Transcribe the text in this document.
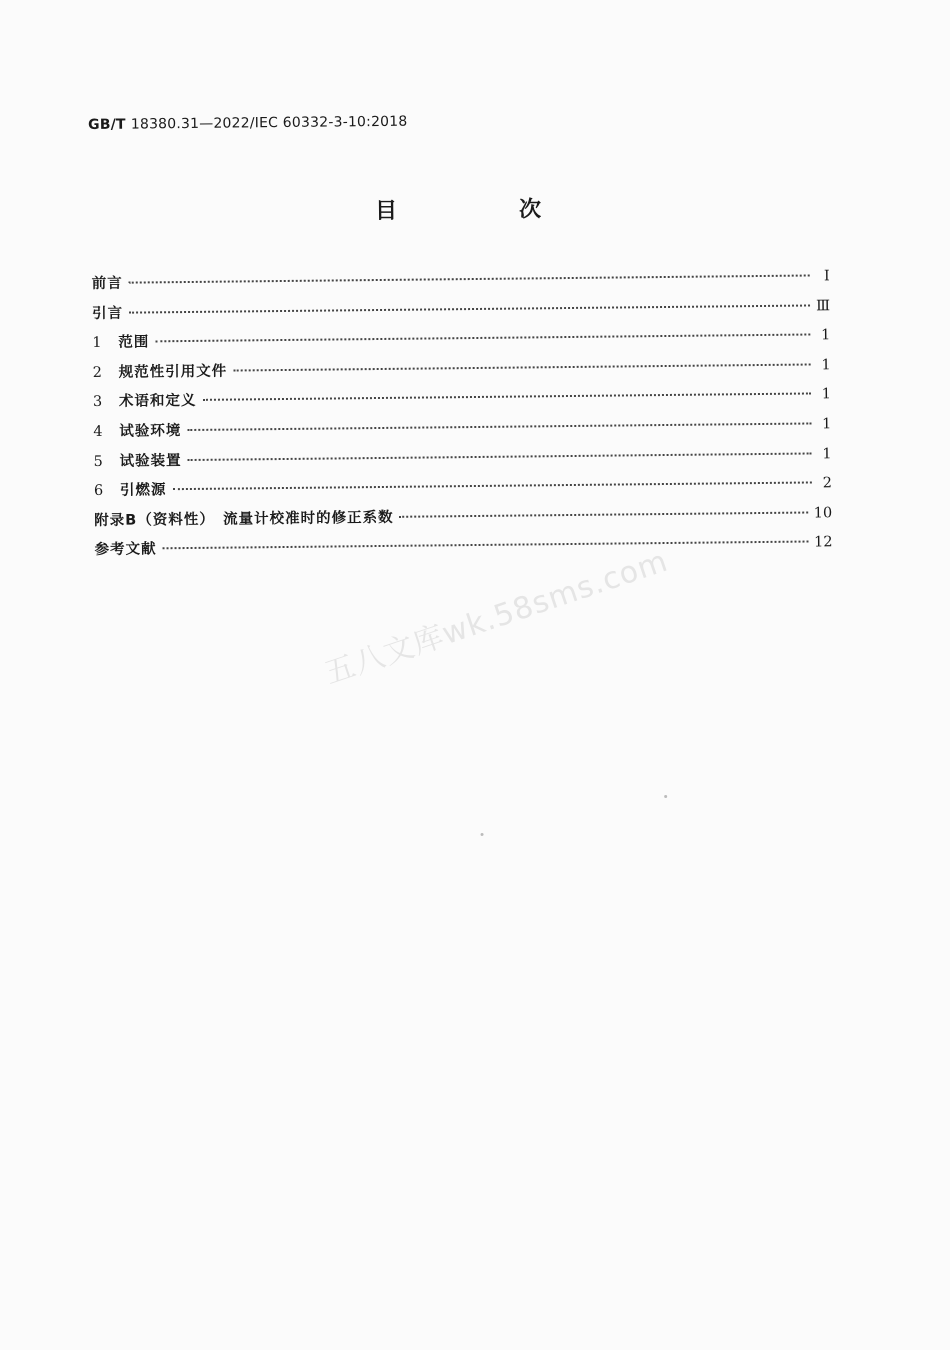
GB/T 18380.31—2022/IEC 60332-3-10:2018
目　次
前言	Ⅰ
引言	Ⅲ
1	范围	1
2	规范性引用文件	1
3	术语和定义	1
4	试验环境	1
5	试验装置	1
6	引燃源	2
附录B（资料性）　流量计校准时的修正系数	10
参考文献	12
五八文库wk.58sms.com
